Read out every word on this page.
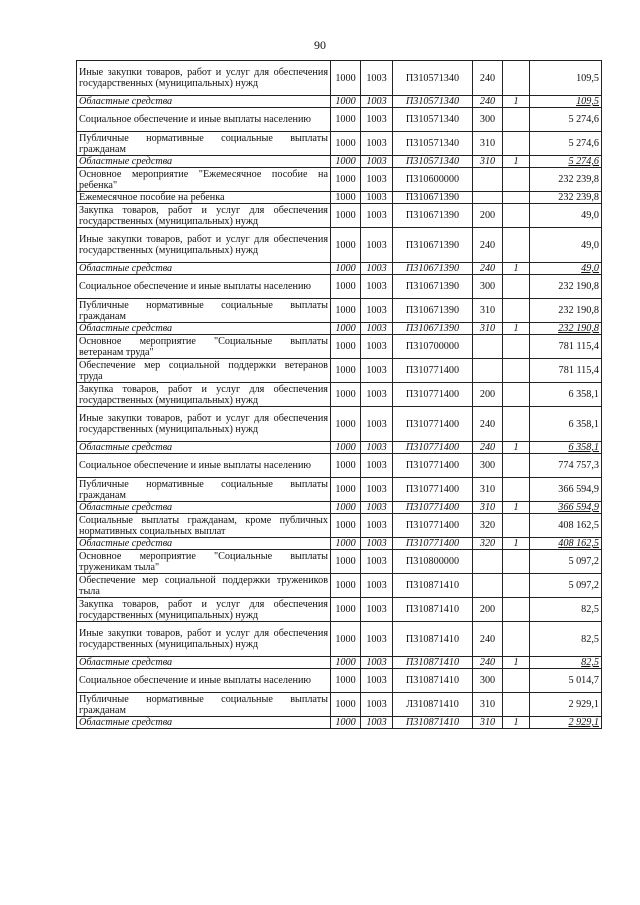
90
Иные закупки товаров, работ и услуг для обеспечения государственных (муниципальных) нужд	1000	1003	П310571340	240		109,5
Областные средства	1000	1003	П310571340	240	1	109,5
Социальное обеспечение и иные выплаты населению	1000	1003	П310571340	300		5 274,6
Публичные нормативные социальные выплаты гражданам	1000	1003	П310571340	310		5 274,6
Областные средства	1000	1003	П310571340	310	1	5 274,6
Основное мероприятие "Ежемесячное пособие на ребенка"	1000	1003	П310600000			232 239,8
Ежемесячное пособие на ребенка	1000	1003	П310671390			232 239,8
Закупка товаров, работ и услуг для обеспечения государственных (муниципальных) нужд	1000	1003	П310671390	200		49,0
Иные закупки товаров, работ и услуг для обеспечения государственных (муниципальных) нужд	1000	1003	П310671390	240		49,0
Областные средства	1000	1003	П310671390	240	1	49,0
Социальное обеспечение и иные выплаты населению	1000	1003	П310671390	300		232 190,8
Публичные нормативные социальные выплаты гражданам	1000	1003	П310671390	310		232 190,8
Областные средства	1000	1003	П310671390	310	1	232 190,8
Основное мероприятие "Социальные выплаты ветеранам труда"	1000	1003	П310700000			781 115,4
Обеспечение мер социальной поддержки ветеранов труда	1000	1003	П310771400			781 115,4
Закупка товаров, работ и услуг для обеспечения государственных (муниципальных) нужд	1000	1003	П310771400	200		6 358,1
Иные закупки товаров, работ и услуг для обеспечения государственных (муниципальных) нужд	1000	1003	П310771400	240		6 358,1
Областные средства	1000	1003	П310771400	240	1	6 358,1
Социальное обеспечение и иные выплаты населению	1000	1003	П310771400	300		774 757,3
Публичные нормативные социальные выплаты гражданам	1000	1003	П310771400	310		366 594,9
Областные средства	1000	1003	П310771400	310	1	366 594,9
Социальные выплаты гражданам, кроме публичных нормативных социальных выплат	1000	1003	П310771400	320		408 162,5
Областные средства	1000	1003	П310771400	320	1	408 162,5
Основное мероприятие "Социальные выплаты труженикам тыла"	1000	1003	П310800000			5 097,2
Обеспечение мер социальной поддержки тружеников тыла	1000	1003	П310871410			5 097,2
Закупка товаров, работ и услуг для обеспечения государственных (муниципальных) нужд	1000	1003	П310871410	200		82,5
Иные закупки товаров, работ и услуг для обеспечения государственных (муниципальных) нужд	1000	1003	П310871410	240		82,5
Областные средства	1000	1003	П310871410	240	1	82,5
Социальное обеспечение и иные выплаты населению	1000	1003	П310871410	300		5 014,7
Публичные нормативные социальные выплаты гражданам	1000	1003	Л310871410	310		2 929,1
Областные средства	1000	1003	П310871410	310	1	2 929,1
